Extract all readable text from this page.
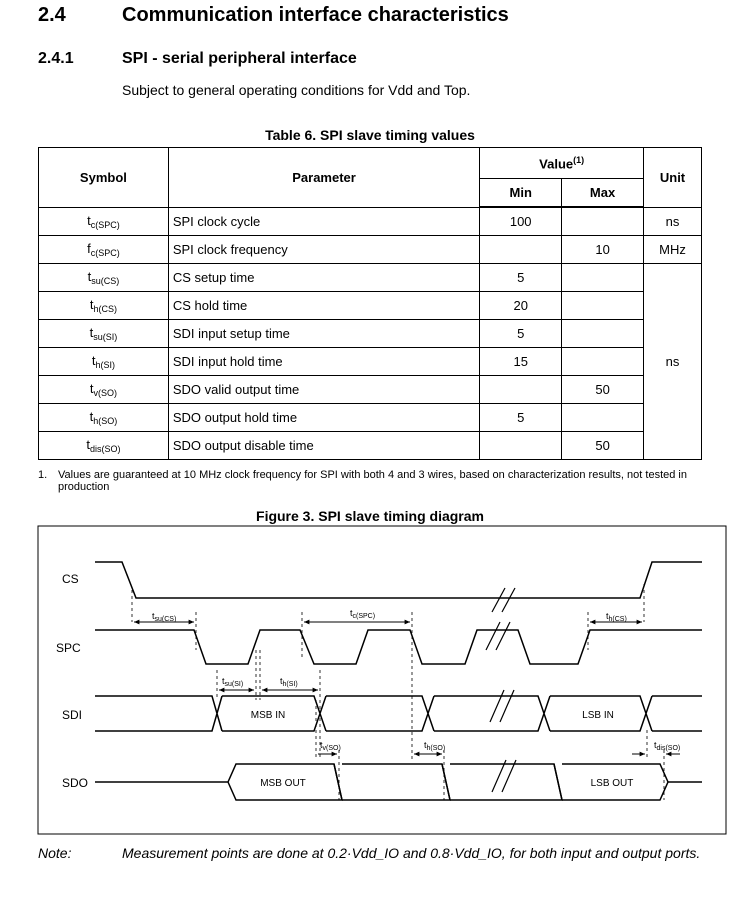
2.4	Communication interface characteristics
2.4.1	SPI - serial peripheral interface
Subject to general operating conditions for Vdd and Top.
Table 6. SPI slave timing values
Symbol	Parameter	Value$^{(1)}$		Unit
		Min	Max	
$t_{c(SPC)}$	SPI clock cycle	100		ns
$f_{c(SPC)}$	SPI clock frequency		10	MHz
$t_{su(CS)}$	CS setup time	5		ns
$t_{h(CS)}$	CS hold time	20		
$t_{su(SI)}$	SDI input setup time	5		
$t_{h(SI)}$	SDI input hold time	15		
$t_{v(SO)}$	SDO valid output time		50	
$t_{h(SO)}$	SDO output hold time	5		
$t_{dis(SO)}$	SDO output disable time		50	
1. Values are guaranteed at 10 MHz clock frequency for SPI with both 4 and 3 wires, based on characterization results, not tested in production
Figure 3. SPI slave timing diagram
CS
SPC
SDI
SDO
MSB IN	LSB IN
MSB OUT	LSB OUT
$t_{su(CS)}$
$t_{c(SPC)}$	$t_{h(CS)}$
$t_{su(SI)}$	$t_{h(SI)}$
$t_{v(SO)}$	$t_{h(SO)}$	$t_{dis(SO)}$
Note:	Measurement points are done at 0.2·Vdd_IO and 0.8·Vdd_IO, for both input and output ports.
